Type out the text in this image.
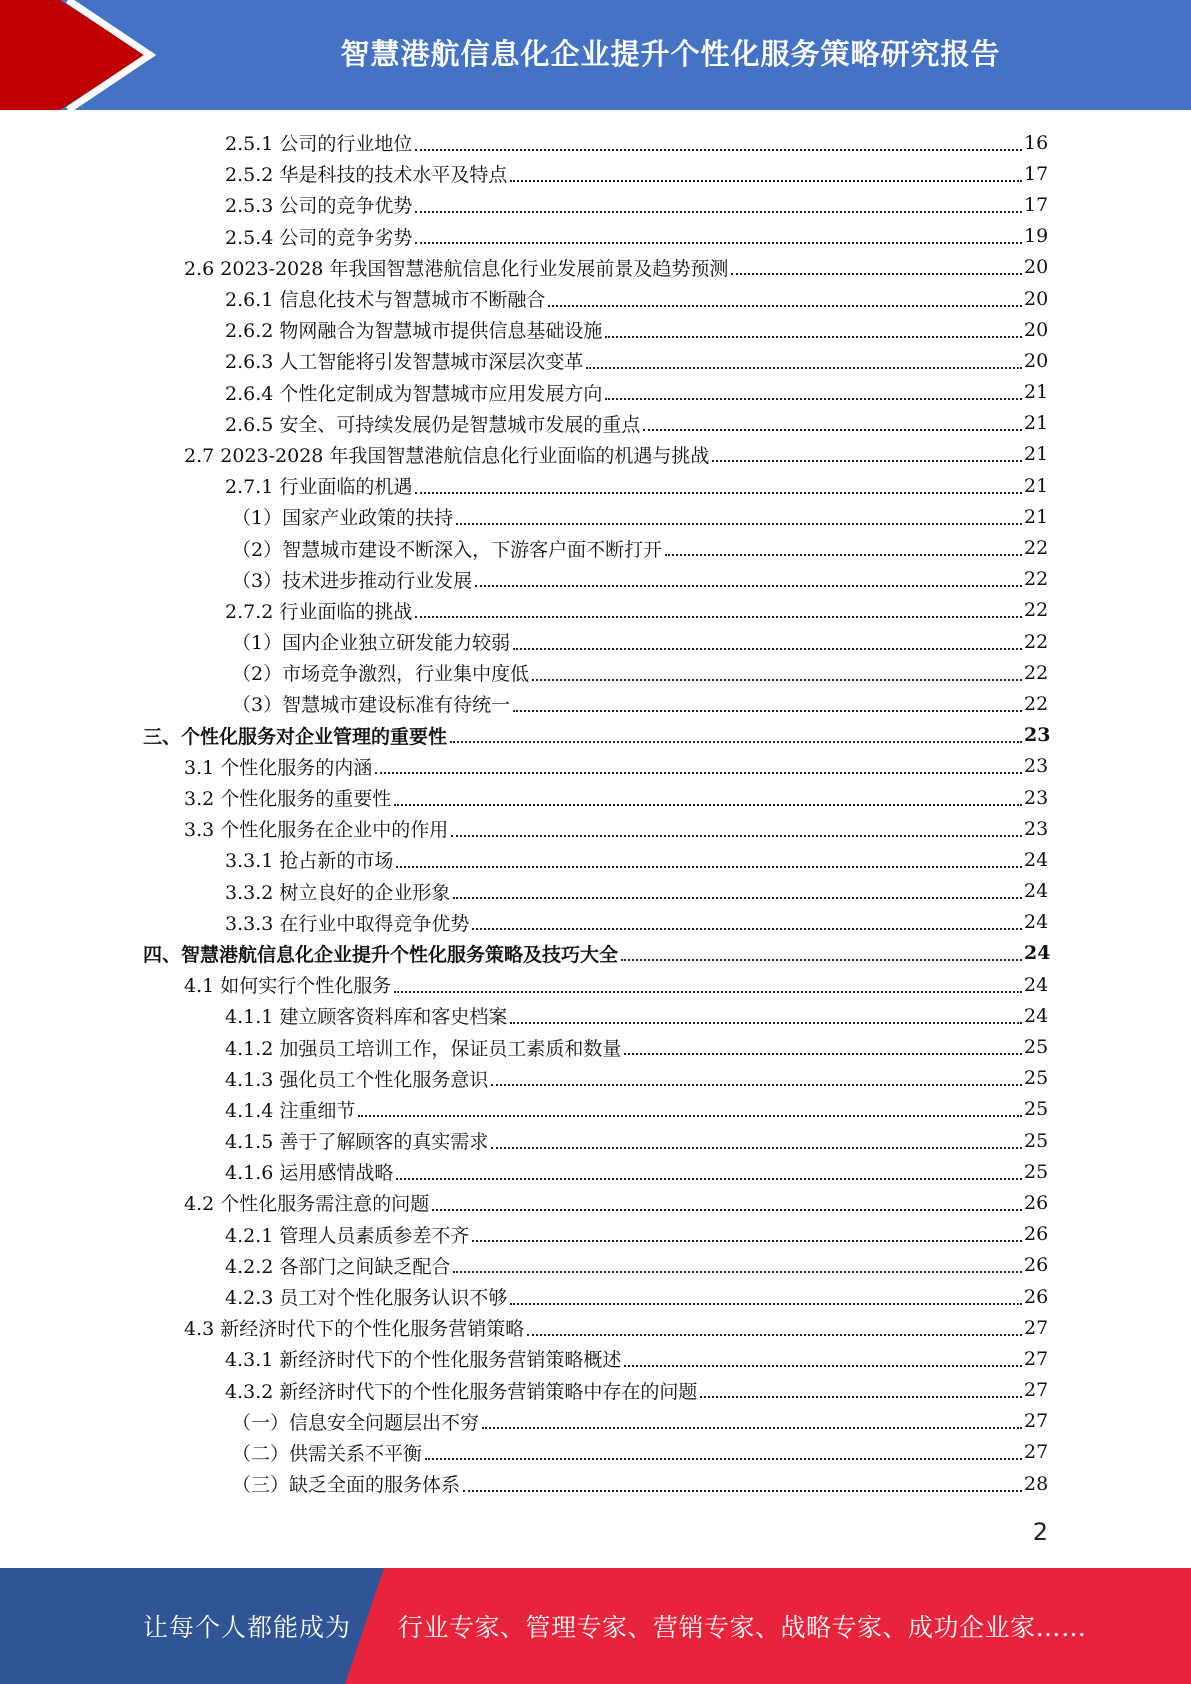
智慧港航信息化企业提升个性化服务策略研究报告
2.5.1 公司的行业地位	16
2.5.2 华是科技的技术水平及特点	17
2.5.3 公司的竞争优势	17
2.5.4 公司的竞争劣势	19
2.6 2023-2028 年我国智慧港航信息化行业发展前景及趋势预测	20
2.6.1 信息化技术与智慧城市不断融合	20
2.6.2 物网融合为智慧城市提供信息基础设施	20
2.6.3 人工智能将引发智慧城市深层次变革	20
2.6.4 个性化定制成为智慧城市应用发展方向	21
2.6.5 安全、可持续发展仍是智慧城市发展的重点	21
2.7 2023-2028 年我国智慧港航信息化行业面临的机遇与挑战	21
2.7.1 行业面临的机遇	21
（1）国家产业政策的扶持	21
（2）智慧城市建设不断深入，下游客户面不断打开	22
（3）技术进步推动行业发展	22
2.7.2 行业面临的挑战	22
（1）国内企业独立研发能力较弱	22
（2）市场竞争激烈，行业集中度低	22
（3）智慧城市建设标准有待统一	22
三、个性化服务对企业管理的重要性	23
3.1 个性化服务的内涵	23
3.2 个性化服务的重要性	23
3.3 个性化服务在企业中的作用	23
3.3.1 抢占新的市场	24
3.3.2 树立良好的企业形象	24
3.3.3 在行业中取得竞争优势	24
四、智慧港航信息化企业提升个性化服务策略及技巧大全	24
4.1 如何实行个性化服务	24
4.1.1 建立顾客资料库和客史档案	24
4.1.2 加强员工培训工作，保证员工素质和数量	25
4.1.3 强化员工个性化服务意识	25
4.1.4 注重细节	25
4.1.5 善于了解顾客的真实需求	25
4.1.6 运用感情战略	25
4.2 个性化服务需注意的问题	26
4.2.1 管理人员素质参差不齐	26
4.2.2 各部门之间缺乏配合	26
4.2.3 员工对个性化服务认识不够	26
4.3 新经济时代下的个性化服务营销策略	27
4.3.1 新经济时代下的个性化服务营销策略概述	27
4.3.2 新经济时代下的个性化服务营销策略中存在的问题	27
（一）信息安全问题层出不穷	27
（二）供需关系不平衡	27
（三）缺乏全面的服务体系	28
2
让每个人都能成为 行业专家、管理专家、营销专家、战略专家、成功企业家……
